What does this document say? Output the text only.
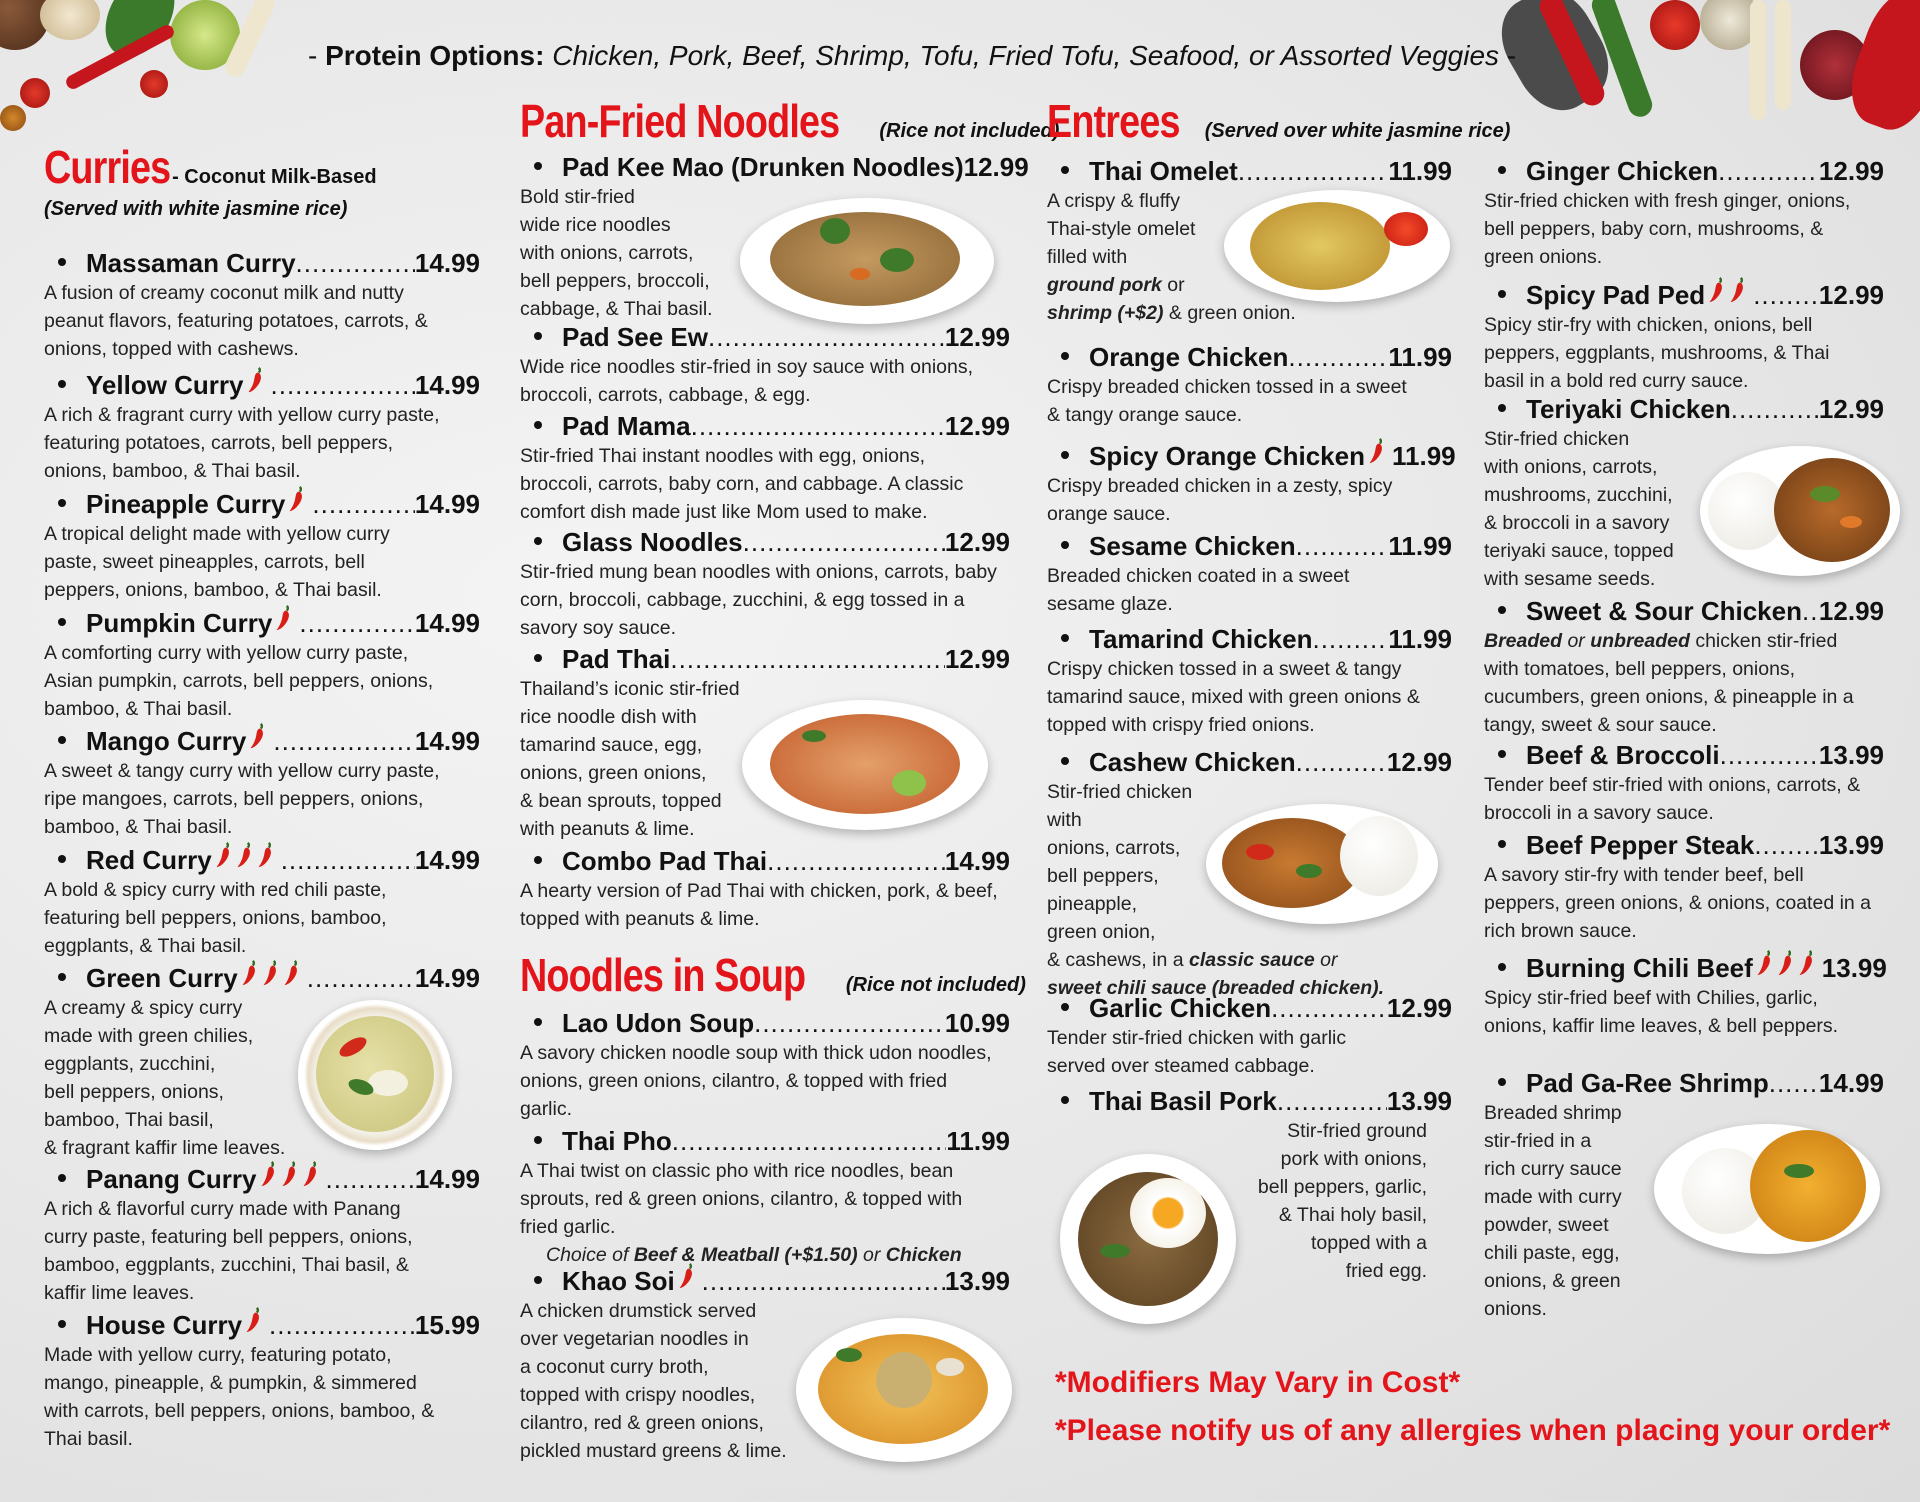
- Protein Options: Chicken, Pork, Beef, Shrimp, Tofu, Fried Tofu, Seafood, or Assorted Veggies -
Curries - Coconut Milk-Based
(Served with white jasmine rice)
Massaman Curry .....	14.99
A fusion of creamy coconut milk and nutty peanut flavors, featuring potatoes, carrots, & onions, topped with cashews.
Yellow Curry .....	14.99
A rich & fragrant curry with yellow curry paste, featuring potatoes, carrots, bell peppers, onions, bamboo, & Thai basil.
Pineapple Curry .....	14.99
A tropical delight made with yellow curry paste, sweet pineapples, carrots, bell peppers, onions, bamboo, & Thai basil.
Pumpkin Curry .....	14.99
A comforting curry with yellow curry paste, Asian pumpkin, carrots, bell peppers, onions, bamboo, & Thai basil.
Mango Curry .....	14.99
A sweet & tangy curry with yellow curry paste, ripe mangoes, carrots, bell peppers, onions, bamboo, & Thai basil.
Red Curry .....	14.99
A bold & spicy curry with red chili paste, featuring bell peppers, onions, bamboo, eggplants, & Thai basil.
Green Curry .....	14.99
A creamy & spicy curry
made with green chilies,
eggplants, zucchini,
bell peppers, onions,
bamboo, Thai basil,
& fragrant kaffir lime leaves.
Panang Curry .....	14.99
A rich & flavorful curry made with Panang curry paste, featuring bell peppers, onions, bamboo, eggplants, zucchini, Thai basil, & kaffir lime leaves.
House Curry .....	15.99
Made with yellow curry, featuring potato, mango, pineapple, & pumpkin, & simmered with carrots, bell peppers, onions, bamboo, & Thai basil.
Pan-Fried Noodles (Rice not included)
Pad Kee Mao (Drunken Noodles) 12.99
Bold stir-fried
wide rice noodles
with onions, carrots,
bell peppers, broccoli,
cabbage, & Thai basil.
Pad See Ew .....	12.99
Wide rice noodles stir-fried in soy sauce with onions, broccoli, carrots, cabbage, & egg.
Pad Mama .....	12.99
Stir-fried Thai instant noodles with egg, onions, broccoli, carrots, baby corn, and cabbage. A classic comfort dish made just like Mom used to make.
Glass Noodles .....	12.99
Stir-fried mung bean noodles with onions, carrots, baby corn, broccoli, cabbage, zucchini, & egg tossed in a savory soy sauce.
Pad Thai .....	12.99
Thailand’s iconic stir-fried
rice noodle dish with
tamarind sauce, egg,
onions, green onions,
& bean sprouts, topped
with peanuts & lime.
Combo Pad Thai .....	14.99
A hearty version of Pad Thai with chicken, pork, & beef, topped with peanuts & lime.
Noodles in Soup (Rice not included)
Lao Udon Soup .....	10.99
A savory chicken noodle soup with thick udon noodles, onions, green onions, cilantro, & topped with fried garlic.
Thai Pho .....	11.99
A Thai twist on classic pho with rice noodles, bean sprouts, red & green onions, cilantro, & topped with fried garlic.
Choice of Beef & Meatball (+$1.50) or Chicken
Khao Soi .....	13.99
A chicken drumstick served
over vegetarian noodles in
a coconut curry broth,
topped with crispy noodles,
cilantro, red & green onions,
pickled mustard greens & lime.
Entrees (Served over white jasmine rice)
Thai Omelet .....	11.99
A crispy & fluffy
Thai-style omelet
filled with
ground pork or
shrimp (+$2) & green onion.
Orange Chicken .....	11.99
Crispy breaded chicken tossed in a sweet & tangy orange sauce.
Spicy Orange Chicken 11.99
Crispy breaded chicken in a zesty, spicy orange sauce.
Sesame Chicken .....	11.99
Breaded chicken coated in a sweet sesame glaze.
Tamarind Chicken .....	11.99
Crispy chicken tossed in a sweet & tangy tamarind sauce, mixed with green onions & topped with crispy fried onions.
Cashew Chicken .....	12.99
Stir-fried chicken with
onions, carrots,
bell peppers,
pineapple,
green onion,
& cashews, in a classic sauce or
sweet chili sauce (breaded chicken).
Garlic Chicken .....	12.99
Tender stir-fried chicken with garlic served over steamed cabbage.
Thai Basil Pork .....	13.99
Stir-fried ground
pork with onions,
bell peppers, garlic,
& Thai holy basil,
topped with a
fried egg.
Ginger Chicken .....	12.99
Stir-fried chicken with fresh ginger, onions, bell peppers, baby corn, mushrooms, & green onions.
Spicy Pad Ped .....	12.99
Spicy stir-fry with chicken, onions, bell peppers, eggplants, mushrooms, & Thai basil in a bold red curry sauce.
Teriyaki Chicken .....	12.99
Stir-fried chicken
with onions, carrots,
mushrooms, zucchini,
& broccoli in a savory
teriyaki sauce, topped
with sesame seeds.
Sweet & Sour Chicken ..... 12.99
Breaded or unbreaded chicken stir-fried with tomatoes, bell peppers, onions, cucumbers, green onions, & pineapple in a tangy, sweet & sour sauce.
Beef & Broccoli .....	13.99
Tender beef stir-fried with onions, carrots, & broccoli in a savory sauce.
Beef Pepper Steak ..... 13.99
A savory stir-fry with tender beef, bell peppers, green onions, & onions, coated in a rich brown sauce.
Burning Chili Beef	13.99
Spicy stir-fried beef with Chilies, garlic, onions, kaffir lime leaves, & bell peppers.
Pad Ga-Ree Shrimp ..... 14.99
Breaded shrimp
stir-fried in a
rich curry sauce
made with curry
powder, sweet
chili paste, egg,
onions, & green onions.
*Modifiers May Vary in Cost*
*Please notify us of any allergies when placing your order*
